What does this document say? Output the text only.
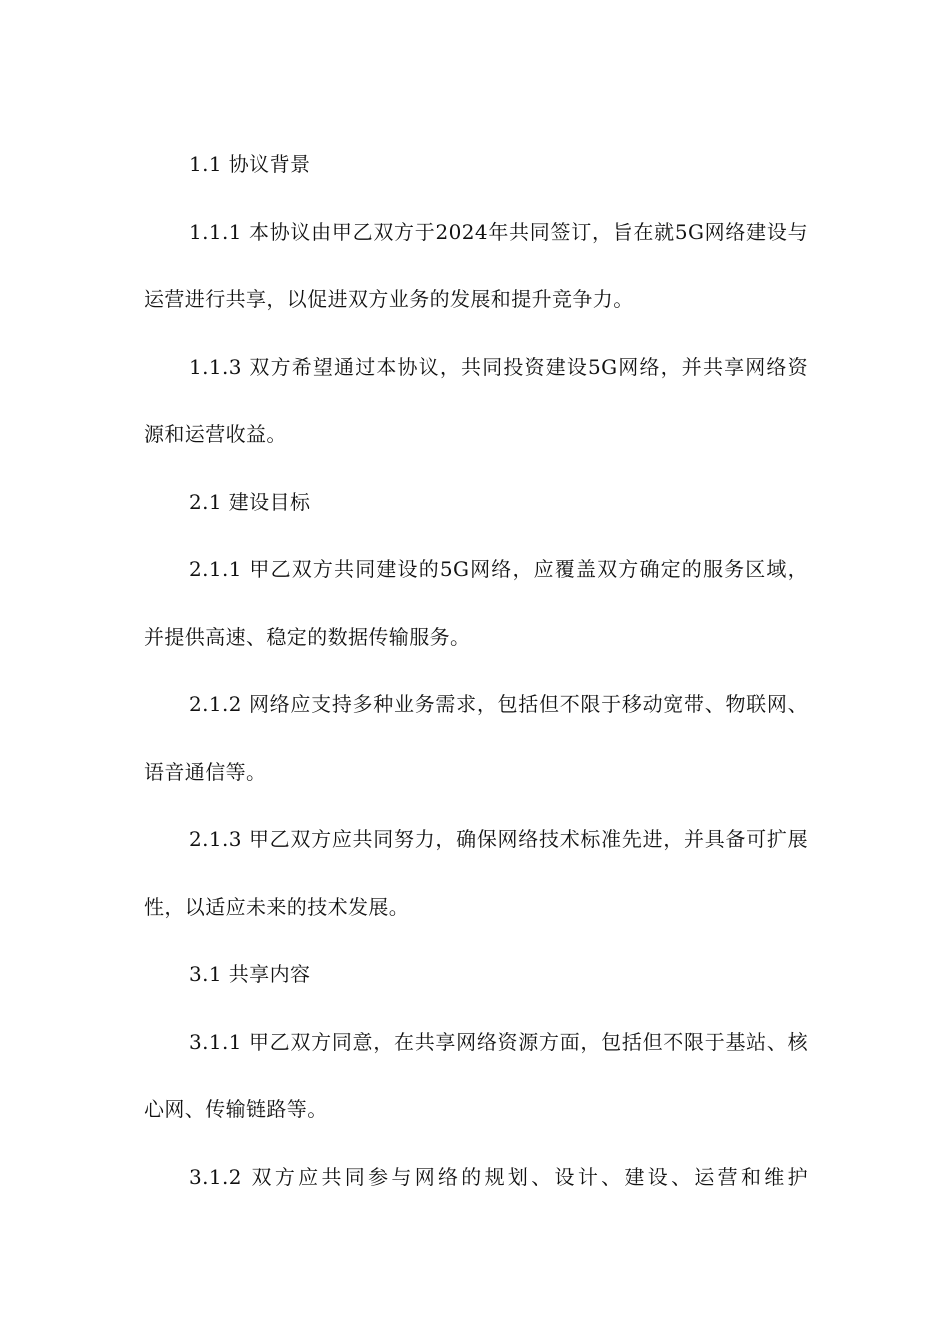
1.1 协议背景

1.1.1 本协议由甲乙双方于2024年共同签订，旨在就5G网络建设与运营进行共享，以促进双方业务的发展和提升竞争力。

1.1.3 双方希望通过本协议，共同投资建设5G网络，并共享网络资源和运营收益。

2.1 建设目标

2.1.1 甲乙双方共同建设的5G网络，应覆盖双方确定的服务区域，并提供高速、稳定的数据传输服务。

2.1.2 网络应支持多种业务需求，包括但不限于移动宽带、物联网、语音通信等。

2.1.3 甲乙双方应共同努力，确保网络技术标准先进，并具备可扩展性，以适应未来的技术发展。

3.1 共享内容

3.1.1 甲乙双方同意，在共享网络资源方面，包括但不限于基站、核心网、传输链路等。

3.1.2 双方应共同参与网络的规划、设计、建设、运营和维护
